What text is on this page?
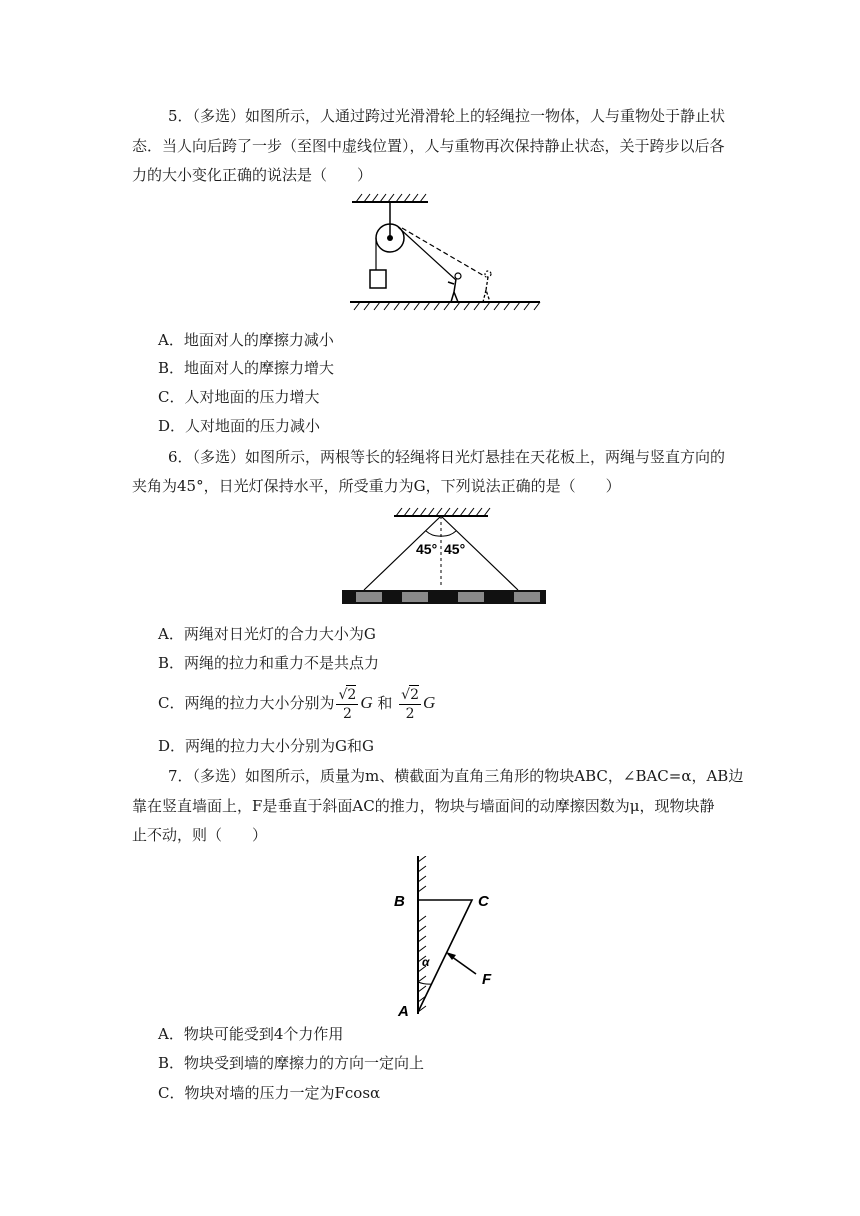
5．（多选）如图所示，人通过跨过光滑滑轮上的轻绳拉一物体，人与重物处于静止状
态．当人向后跨了一步（至图中虚线位置），人与重物再次保持静止状态，关于跨步以后各
力的大小变化正确的说法是（　　）
A．地面对人的摩擦力减小
B．地面对人的摩擦力增大
C．人对地面的压力增大
D．人对地面的压力减小
6．（多选）如图所示，两根等长的轻绳将日光灯悬挂在天花板上，两绳与竖直方向的
夹角为45°，日光灯保持水平，所受重力为G，下列说法正确的是（　　）
45° 45°
A．两绳对日光灯的合力大小为G
B．两绳的拉力和重力不是共点力
C．两绳的拉力大小分别为 $\frac{√2}{2}$ G 和 $\frac{√2}{2}$ G
D．两绳的拉力大小分别为G和G
7．（多选）如图所示，质量为m、横截面为直角三角形的物块ABC，∠BAC=α，AB边
靠在竖直墙面上，F是垂直于斜面AC的推力，物块与墙面间的动摩擦因数为μ，现物块静
止不动，则（　　）
B	C
α
F
A
A．物块可能受到4个力作用
B．物块受到墙的摩擦力的方向一定向上
C．物块对墙的压力一定为Fcosα
